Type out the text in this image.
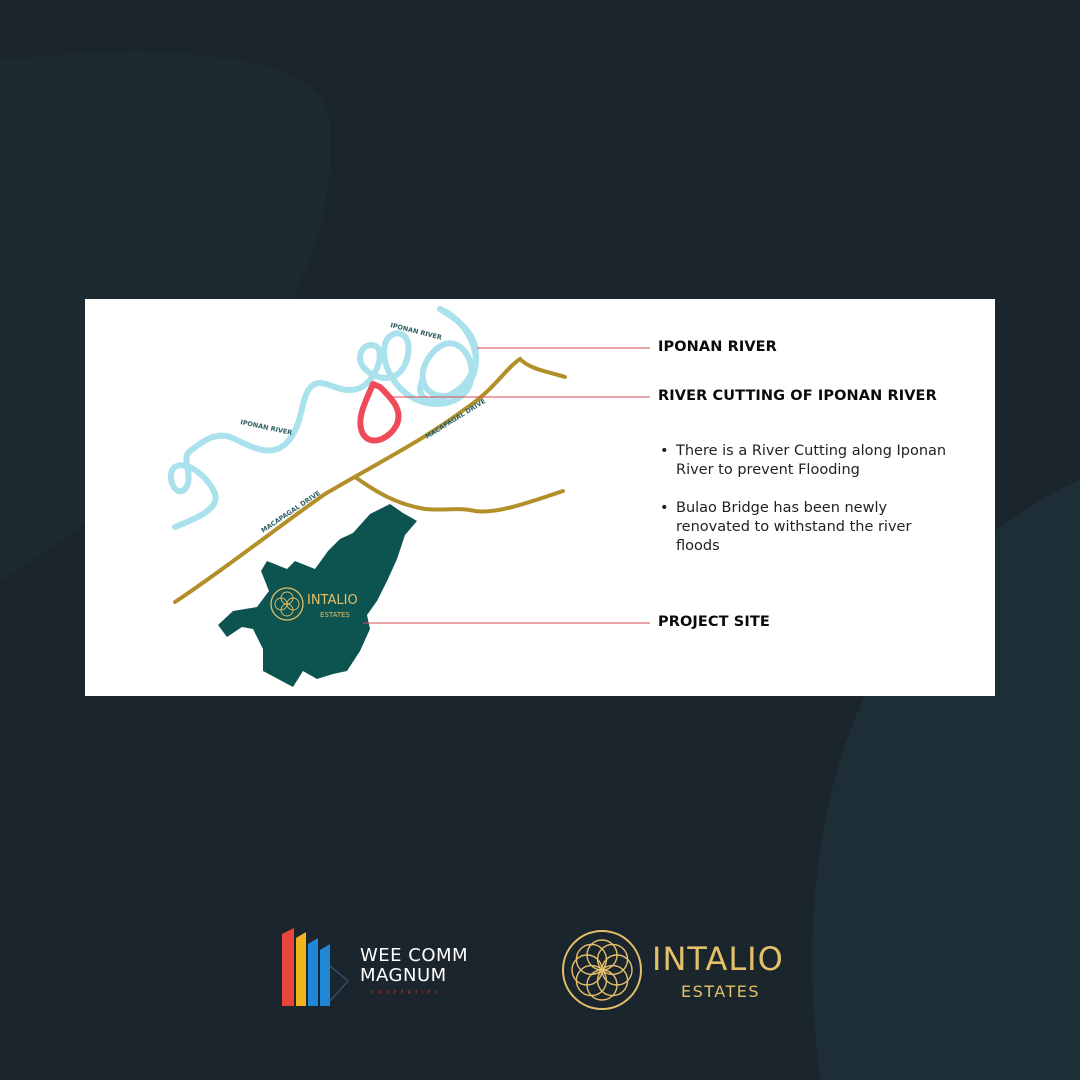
INTALIO
ESTATES
IPONAN RIVER
IPONAN RIVER
MACAPAGAL DRIVE
MACAPAGAL DRIVE
IPONAN RIVER
RIVER CUTTING OF IPONAN RIVER
PROJECT SITE
• There is a River Cutting along Iponan River to prevent Flooding
• Bulao Bridge has been newly renovated to withstand the river floods
WEE COMM
MAGNUM
PROPERTIES
INTALIO
ESTATES
